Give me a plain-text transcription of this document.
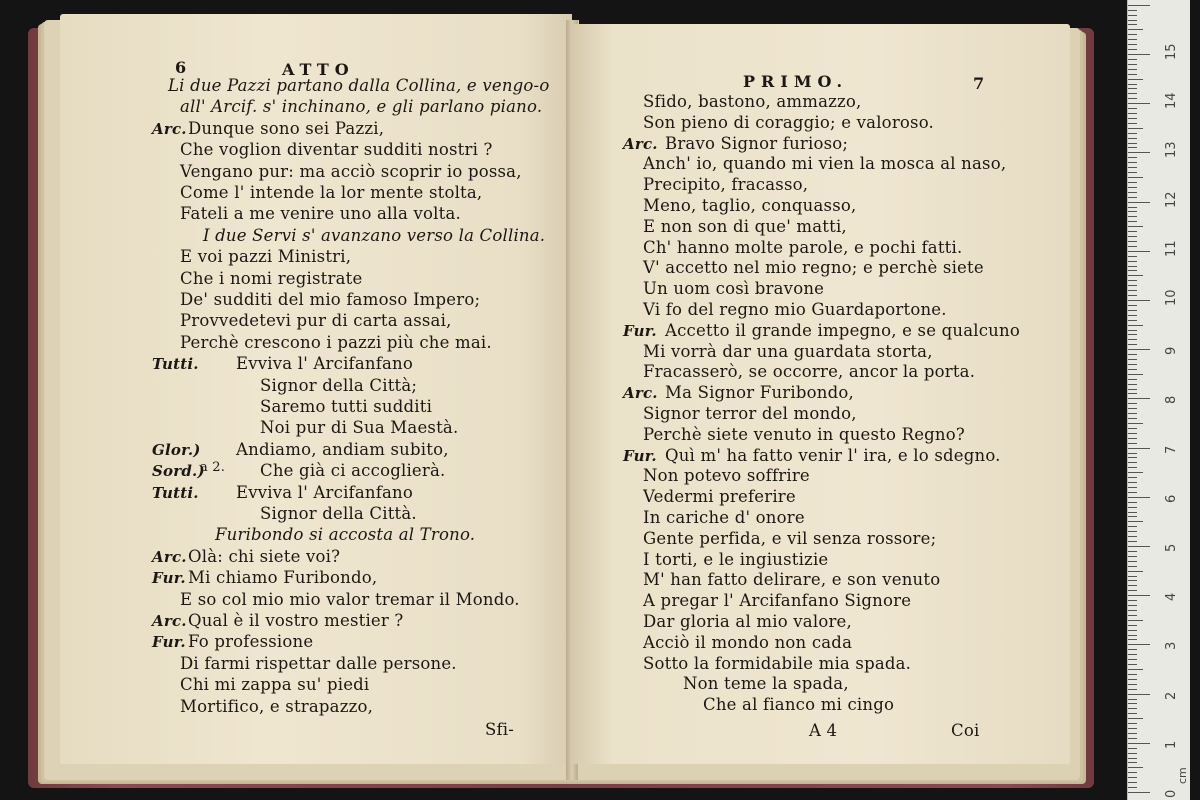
6	ATTO
Li due Pazzi partano dalla Collina, e vengo-o
all' Arcif. s' inchinano, e gli parlano piano.
Arc. Dunque sono sei Pazzi,
Che voglion diventar sudditi nostri ?
Vengano pur: ma acciò scoprir io possa,
Come l' intende la lor mente stolta,
Fateli a me venire uno alla volta.
I due Servi s' avanzano verso la Collina.
E voi pazzi Ministri,
Che i nomi registrate
De' sudditi del mio famoso Impero;
Provvedetevi pur di carta assai,
Perchè crescono i pazzi più che mai.
Tutti. Evviva l' Arcifanfano
Signor della Città;
Saremo tutti sudditi
Noi pur di Sua Maestà.
Glor.) Andiamo, andiam subito,
Sord.)	Che già ci accoglierà.
Tutti. Evviva l' Arcifanfano
Signor della Città.
Furibondo si accosta al Trono.
Arc. Olà: chi siete voi?
Fur. Mi chiamo Furibondo,
E so col mio mio valor tremar il Mondo.
Arc. Qual è il vostro mestier ?
Fur. Fo professione
Di farmi rispettar dalle persone.
Chi mi zappa su' piedi
Mortifico, e strapazzo,
a 2.
Sfi-
PRIMO.	7
Sfido, bastono, ammazzo,
Son pieno di coraggio; e valoroso.
Arc. Bravo Signor furioso;
Anch' io, quando mi vien la mosca al naso,
Precipito, fracasso,
Meno, taglio, conquasso,
E non son di que' matti,
Ch' hanno molte parole, e pochi fatti.
V' accetto nel mio regno; e perchè siete
Un uom così bravone
Vi fo del regno mio Guardaportone.
Fur. Accetto il grande impegno, e se qualcuno
Mi vorrà dar una guardata storta,
Fracasserò, se occorre, ancor la porta.
Arc. Ma Signor Furibondo,
Signor terror del mondo,
Perchè siete venuto in questo Regno?
Fur. Quì m' ha fatto venir l' ira, e lo sdegno.
Non potevo soffrire
Vedermi preferire
In cariche d' onore
Gente perfida, e vil senza rossore;
I torti, e le ingiustizie
M' han fatto delirare, e son venuto
A pregar l' Arcifanfano Signore
Dar gloria al mio valore,
Acciò il mondo non cada
Sotto la formidabile mia spada.
Non teme la spada,
Che al fianco mi cingo
A 4	Coi
0
1
2
3
4
5
6
7
8
9
10
11
12
13
14
15
cm
